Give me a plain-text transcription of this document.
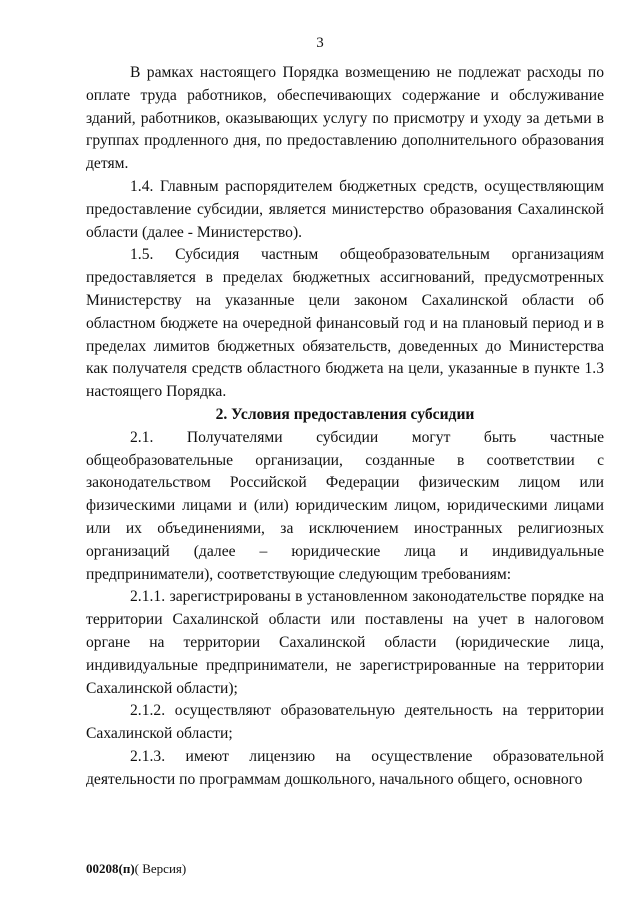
3

В рамках настоящего Порядка возмещению не подлежат расходы по оплате труда работников, обеспечивающих содержание и обслуживание зданий, работников, оказывающих услугу по присмотру и уходу за детьми в группах продленного дня, по предоставлению дополнительного образования детям.

1.4. Главным распорядителем бюджетных средств, осуществляющим предоставление субсидии, является министерство образования Сахалинской области (далее - Министерство).

1.5. Субсидия частным общеобразовательным организациям предоставляется в пределах бюджетных ассигнований, предусмотренных Министерству на указанные цели законом Сахалинской области об областном бюджете на очередной финансовый год и на плановый период и в пределах лимитов бюджетных обязательств, доведенных до Министерства как получателя средств областного бюджета на цели, указанные в пункте 1.3 настоящего Порядка.

2. Условия предоставления субсидии

2.1. Получателями субсидии могут быть частные общеобразовательные организации, созданные в соответствии с законодательством Российской Федерации физическим лицом или физическими лицами и (или) юридическим лицом, юридическими лицами или их объединениями, за исключением иностранных религиозных организаций (далее – юридические лица и индивидуальные предприниматели), соответствующие следующим требованиям:

2.1.1. зарегистрированы в установленном законодательстве порядке на территории Сахалинской области или поставлены на учет в налоговом органе на территории Сахалинской области (юридические лица, индивидуальные предприниматели, не зарегистрированные на территории Сахалинской области);

2.1.2. осуществляют образовательную деятельность на территории Сахалинской области;

2.1.3. имеют лицензию на осуществление образовательной деятельности по программам дошкольного, начального общего, основного

00208(п)( Версия)
